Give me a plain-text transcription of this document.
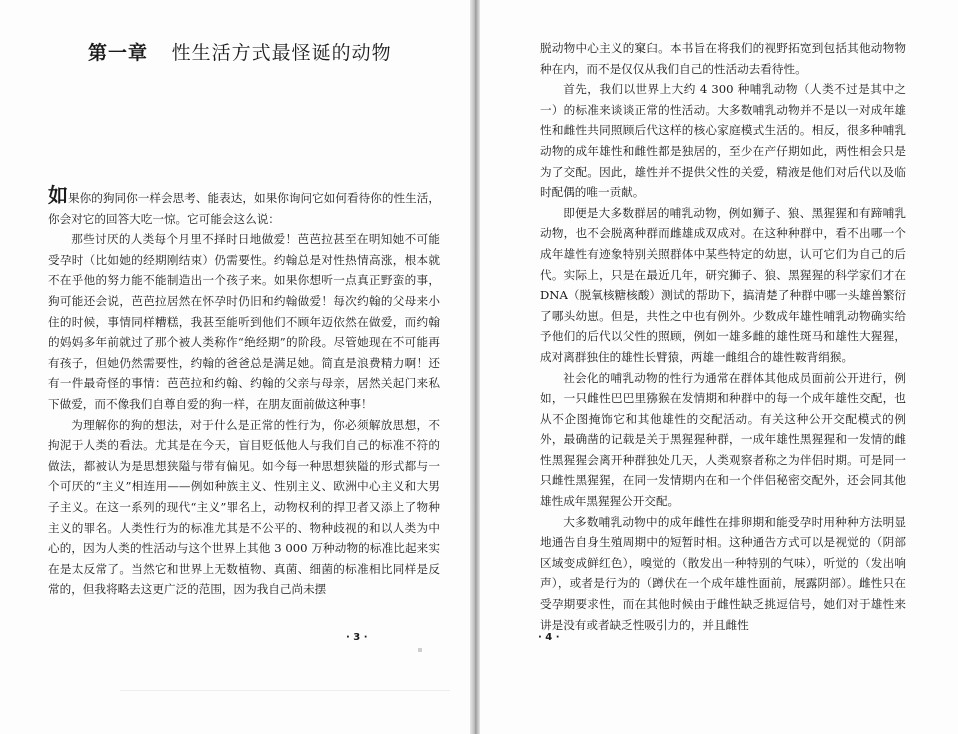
第一章 性生活方式最怪诞的动物

如果你的狗同你一样会思考、能表达，如果你询问它如何看待你的性生活，你会对它的回答大吃一惊。它可能会这么说：

那些讨厌的人类每个月里不择时日地做爱！芭芭拉甚至在明知她不可能受孕时（比如她的经期刚结束）仍需要性。约翰总是对性热情高涨，根本就不在乎他的努力能不能制造出一个孩子来。如果你想听一点真正野蛮的事，狗可能还会说，芭芭拉居然在怀孕时仍旧和约翰做爱！每次约翰的父母来小住的时候，事情同样糟糕，我甚至能听到他们不顾年迈依然在做爱，而约翰的妈妈多年前就过了那个被人类称作“绝经期”的阶段。尽管她现在不可能再有孩子，但她仍然需要性，约翰的爸爸总是满足她。简直是浪费精力啊！还有一件最奇怪的事情：芭芭拉和约翰、约翰的父亲与母亲，居然关起门来私下做爱，而不像我们自尊自爱的狗一样，在朋友面前做这种事！

为理解你的狗的想法，对于什么是正常的性行为，你必须解放思想，不拘泥于人类的看法。尤其是在今天，盲目贬低他人与我们自己的标准不符的做法，都被认为是思想狭隘与带有偏见。如今每一种思想狭隘的形式都与一个可厌的“主义”相连用——例如种族主义、性别主义、欧洲中心主义和大男子主义。在这一系列的现代“主义”罪名上，动物权利的捍卫者又添上了物种主义的罪名。人类性行为的标准尤其是不公平的、物种歧视的和以人类为中心的，因为人类的性活动与这个世界上其他 3 000 万种动物的标准比起来实在是太反常了。当然它和世界上无数植物、真菌、细菌的标准相比同样是反常的，但我将略去这更广泛的范围，因为我自己尚未摆

· 3 ·

脱动物中心主义的窠臼。本书旨在将我们的视野拓宽到包括其他动物物种在内，而不是仅仅从我们自己的性活动去看待性。

首先，我们以世界上大约 4 300 种哺乳动物（人类不过是其中之一）的标准来谈谈正常的性活动。大多数哺乳动物并不是以一对成年雄性和雌性共同照顾后代这样的核心家庭模式生活的。相反，很多种哺乳动物的成年雄性和雌性都是独居的，至少在产仔期如此，两性相会只是为了交配。因此，雄性并不提供父性的关爱，精液是他们对后代以及临时配偶的唯一贡献。

即便是大多数群居的哺乳动物，例如狮子、狼、黑猩猩和有蹄哺乳动物，也不会脱离种群而雌雄成双成对。在这种种群中，看不出哪一个成年雄性有迹象特别关照群体中某些特定的幼崽，认可它们为自己的后代。实际上，只是在最近几年，研究狮子、狼、黑猩猩的科学家们才在DNA（脱氧核糖核酸）测试的帮助下，搞清楚了种群中哪一头雄兽繁衍了哪头幼崽。但是，共性之中也有例外。少数成年雄性哺乳动物确实给予他们的后代以父性的照顾，例如一雄多雌的雄性斑马和雄性大猩猩，成对离群独住的雄性长臂猿，两雄一雌组合的雄性鞍背绢猴。

社会化的哺乳动物的性行为通常在群体其他成员面前公开进行，例如，一只雌性巴巴里猕猴在发情期和种群中的每一个成年雄性交配，也从不企图掩饰它和其他雄性的交配活动。有关这种公开交配模式的例外，最确凿的记载是关于黑猩猩种群，一成年雄性黑猩猩和一发情的雌性黑猩猩会离开种群独处几天，人类观察者称之为伴侣时期。可是同一只雌性黑猩猩，在同一发情期内在和一个伴侣秘密交配外，还会同其他雄性成年黑猩猩公开交配。

大多数哺乳动物中的成年雌性在排卵期和能受孕时用种种方法明显地通告自身生殖周期中的短暂时相。这种通告方式可以是视觉的（阴部区域变成鲜红色），嗅觉的（散发出一种特别的气味），听觉的（发出响声），或者是行为的（蹲伏在一个成年雄性面前，展露阴部）。雌性只在受孕期要求性，而在其他时候由于雌性缺乏挑逗信号，她们对于雄性来讲是没有或者缺乏性吸引力的，并且雌性

· 4 ·
